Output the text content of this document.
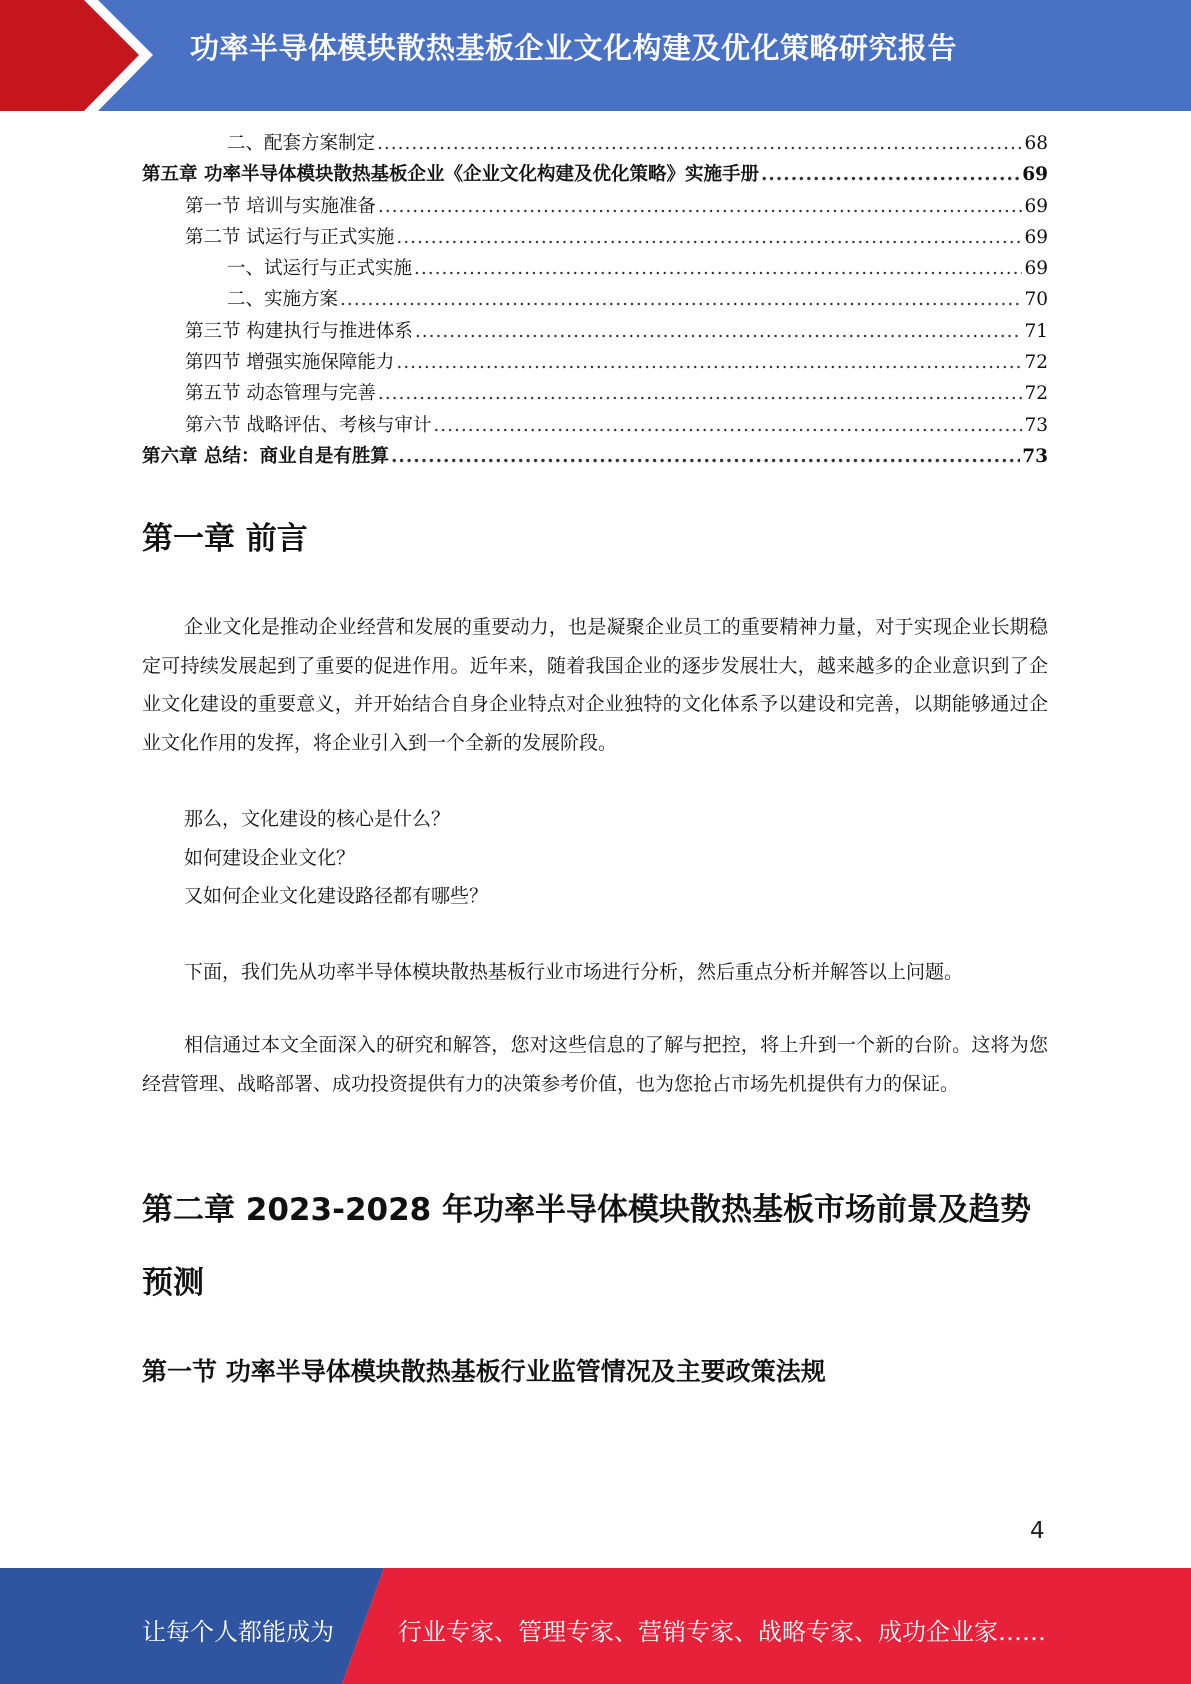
功率半导体模块散热基板企业文化构建及优化策略研究报告
二、配套方案制定 .....	68
第五章 功率半导体模块散热基板企业《企业文化构建及优化策略》实施手册 .....	69
第一节 培训与实施准备 .....	69
第二节 试运行与正式实施 .....	69
一、试运行与正式实施 .....	69
二、实施方案 .....	70
第三节 构建执行与推进体系 .....	71
第四节 增强实施保障能力 .....	72
第五节 动态管理与完善 .....	72
第六节 战略评估、考核与审计 .....	73
第六章 总结：商业自是有胜算 .....	73
第一章 前言

企业文化是推动企业经营和发展的重要动力，也是凝聚企业员工的重要精神力量，对于实现企业长期稳定可持续发展起到了重要的促进作用。近年来，随着我国企业的逐步发展壮大，越来越多的企业意识到了企业文化建设的重要意义，并开始结合自身企业特点对企业独特的文化体系予以建设和完善，以期能够通过企业文化作用的发挥，将企业引入到一个全新的发展阶段。

那么，文化建设的核心是什么？

如何建设企业文化？

又如何企业文化建设路径都有哪些？

下面，我们先从功率半导体模块散热基板行业市场进行分析，然后重点分析并解答以上问题。

相信通过本文全面深入的研究和解答，您对这些信息的了解与把控，将上升到一个新的台阶。这将为您经营管理、战略部署、成功投资提供有力的决策参考价值，也为您抢占市场先机提供有力的保证。

第二章 2023-2028 年功率半导体模块散热基板市场前景及趋势预测
第一节 功率半导体模块散热基板行业监管情况及主要政策法规
4
让每个人都能成为	行业专家、管理专家、营销专家、战略专家、成功企业家……
